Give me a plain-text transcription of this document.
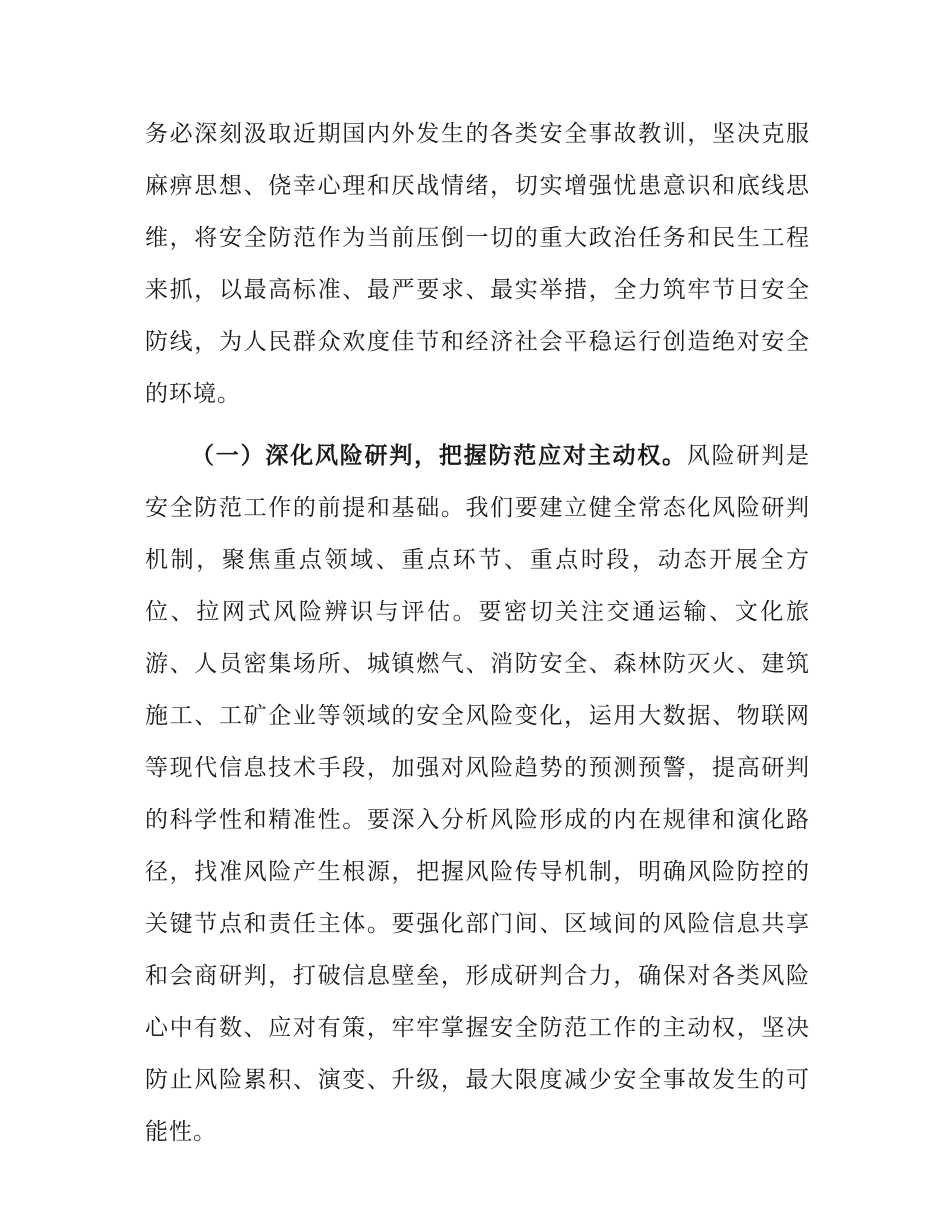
务必深刻汲取近期国内外发生的各类安全事故教训，坚决克服麻痹思想、侥幸心理和厌战情绪，切实增强忧患意识和底线思维，将安全防范作为当前压倒一切的重大政治任务和民生工程来抓，以最高标准、最严要求、最实举措，全力筑牢节日安全防线，为人民群众欢度佳节和经济社会平稳运行创造绝对安全的环境。

（一）深化风险研判，把握防范应对主动权。风险研判是安全防范工作的前提和基础。我们要建立健全常态化风险研判机制，聚焦重点领域、重点环节、重点时段，动态开展全方位、拉网式风险辨识与评估。要密切关注交通运输、文化旅游、人员密集场所、城镇燃气、消防安全、森林防灭火、建筑施工、工矿企业等领域的安全风险变化，运用大数据、物联网等现代信息技术手段，加强对风险趋势的预测预警，提高研判的科学性和精准性。要深入分析风险形成的内在规律和演化路径，找准风险产生根源，把握风险传导机制，明确风险防控的关键节点和责任主体。要强化部门间、区域间的风险信息共享和会商研判，打破信息壁垒，形成研判合力，确保对各类风险心中有数、应对有策，牢牢掌握安全防范工作的主动权，坚决防止风险累积、演变、升级，最大限度减少安全事故发生的可能性。
